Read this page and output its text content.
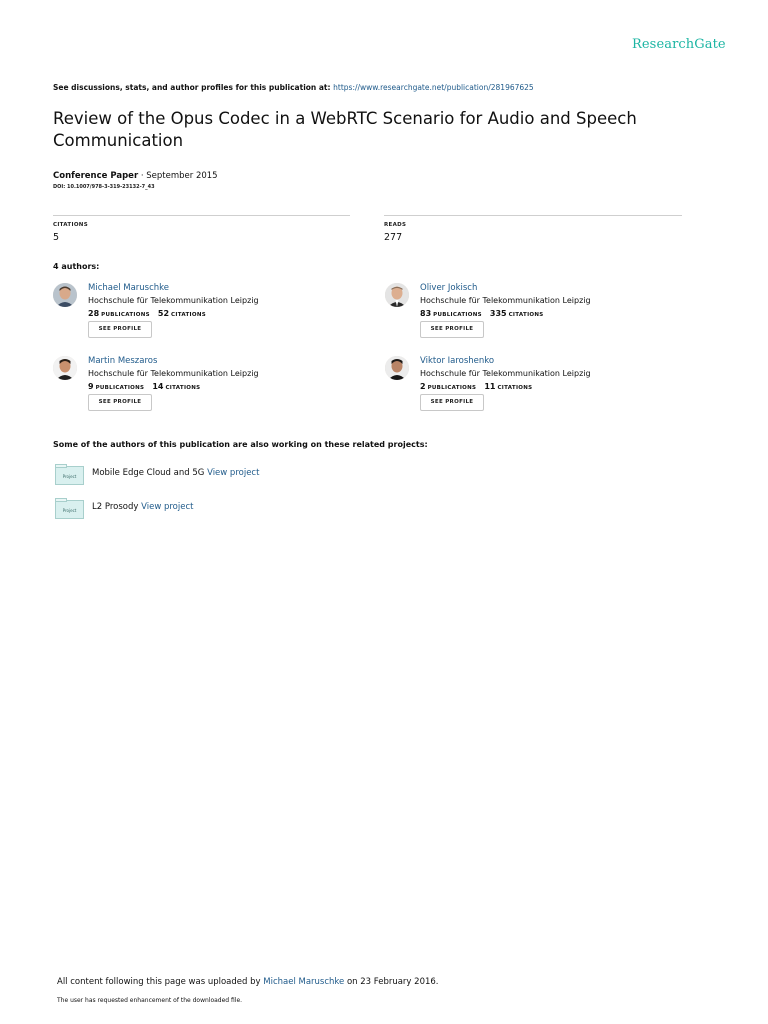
ResearchGate
See discussions, stats, and author profiles for this publication at: https://www.researchgate.net/publication/281967625
Review of the Opus Codec in a WebRTC Scenario for Audio and Speech Communication
Conference Paper · September 2015
DOI: 10.1007/978-3-319-23132-7_43
CITATIONS
5
READS
277
4 authors:
Michael Maruschke
Hochschule für Telekommunikation Leipzig
28 PUBLICATIONS 52 CITATIONS
SEE PROFILE
Oliver Jokisch
Hochschule für Telekommunikation Leipzig
83 PUBLICATIONS 335 CITATIONS
SEE PROFILE
Martin Meszaros
Hochschule für Telekommunikation Leipzig
9 PUBLICATIONS 14 CITATIONS
SEE PROFILE
Viktor Iaroshenko
Hochschule für Telekommunikation Leipzig
2 PUBLICATIONS 11 CITATIONS
SEE PROFILE
Some of the authors of this publication are also working on these related projects:
Project Mobile Edge Cloud and 5G View project
Project L2 Prosody View project
All content following this page was uploaded by Michael Maruschke on 23 February 2016.
The user has requested enhancement of the downloaded file.
